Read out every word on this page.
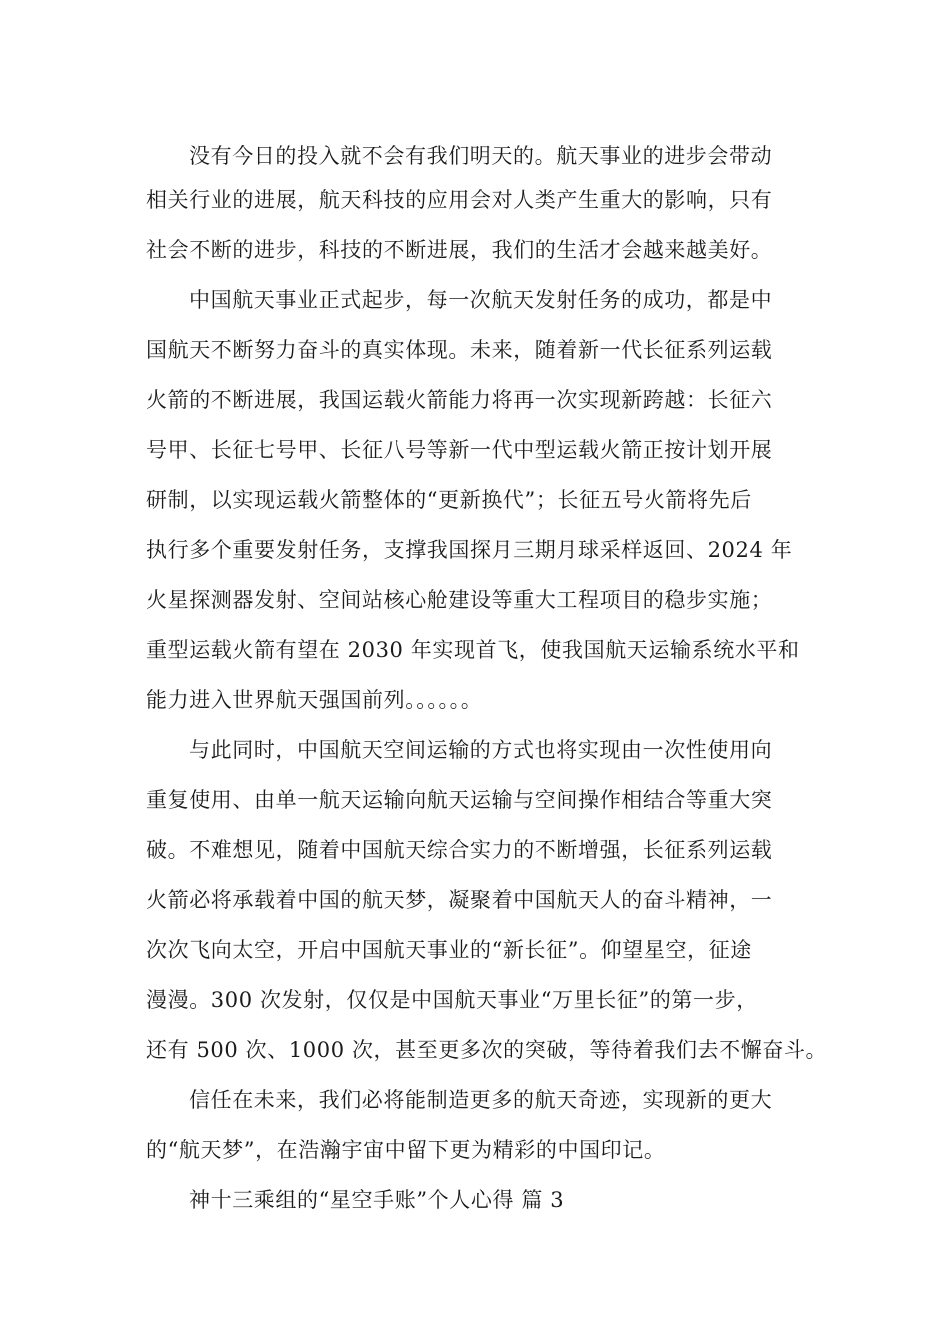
没有今日的投入就不会有我们明天的。航天事业的进步会带动
相关行业的进展，航天科技的应用会对人类产生重大的影响，只有
社会不断的进步，科技的不断进展，我们的生活才会越来越美好。
中国航天事业正式起步，每一次航天发射任务的成功，都是中
国航天不断努力奋斗的真实体现。未来，随着新一代长征系列运载
火箭的不断进展，我国运载火箭能力将再一次实现新跨越：长征六
号甲、长征七号甲、长征八号等新一代中型运载火箭正按计划开展
研制，以实现运载火箭整体的“更新换代”；长征五号火箭将先后
执行多个重要发射任务，支撑我国探月三期月球采样返回、2024 年
火星探测器发射、空间站核心舱建设等重大工程项目的稳步实施；
重型运载火箭有望在 2030 年实现首飞，使我国航天运输系统水平和
能力进入世界航天强国前列。。。。。。
与此同时，中国航天空间运输的方式也将实现由一次性使用向
重复使用、由单一航天运输向航天运输与空间操作相结合等重大突
破。不难想见，随着中国航天综合实力的不断增强，长征系列运载
火箭必将承载着中国的航天梦，凝聚着中国航天人的奋斗精神，一
次次飞向太空，开启中国航天事业的“新长征”。仰望星空，征途
漫漫。300 次发射，仅仅是中国航天事业“万里长征”的第一步，
还有 500 次、1000 次，甚至更多次的突破，等待着我们去不懈奋斗。
信任在未来，我们必将能制造更多的航天奇迹，实现新的更大
的“航天梦”，在浩瀚宇宙中留下更为精彩的中国印记。
神十三乘组的“星空手账”个人心得 篇 3
